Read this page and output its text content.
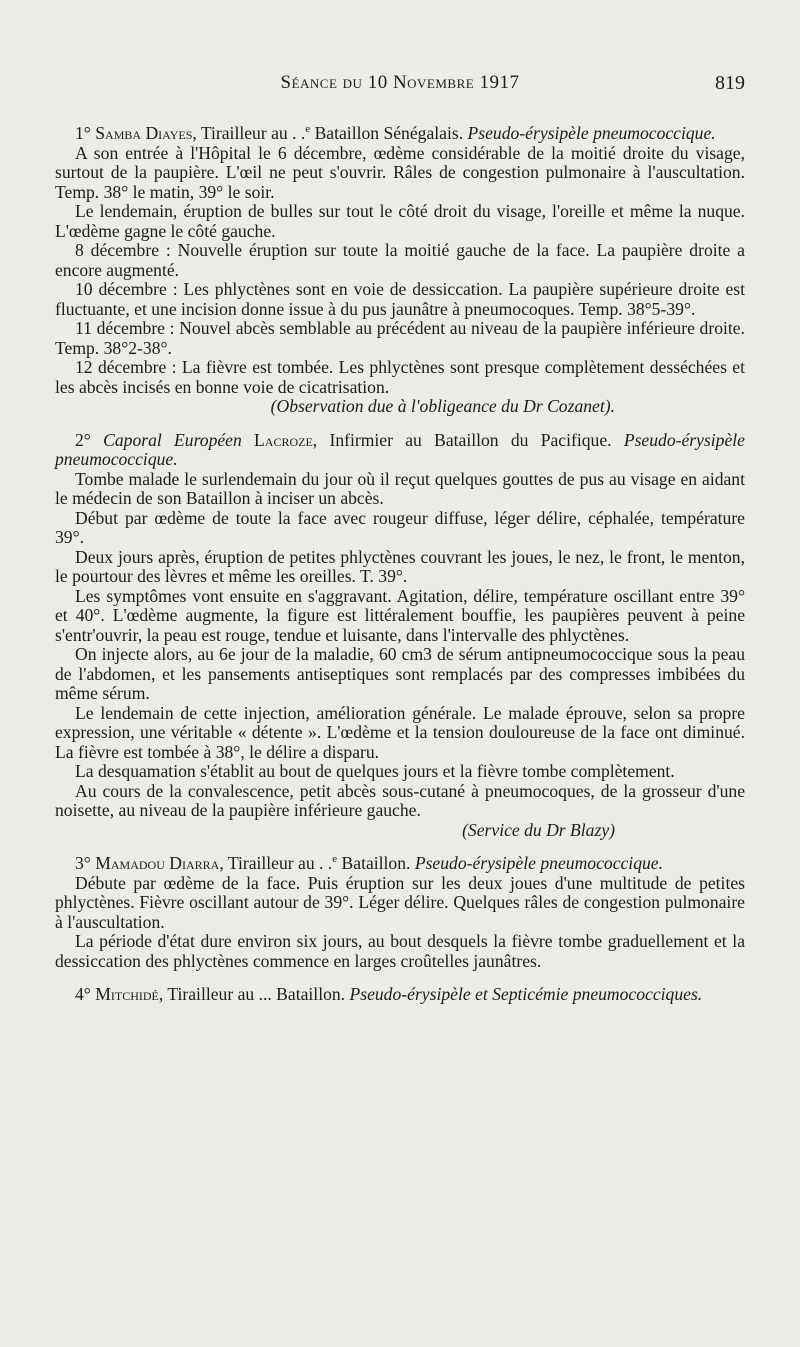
Séance du 10 Novembre 1917	819

1° Samba Diayes, Tirailleur au . .$^e$ Bataillon Sénégalais. Pseudo-érysipèle pneumococcique.

A son entrée à l'Hôpital le 6 décembre, œdème considérable de la moitié droite du visage, surtout de la paupière. L'œil ne peut s'ouvrir. Râles de congestion pulmonaire à l'auscultation. Temp. 38° le matin, 39° le soir.

Le lendemain, éruption de bulles sur tout le côté droit du visage, l'oreille et même la nuque. L'œdème gagne le côté gauche.

8 décembre : Nouvelle éruption sur toute la moitié gauche de la face. La paupière droite a encore augmenté.

10 décembre : Les phlyctènes sont en voie de dessiccation. La paupière supérieure droite est fluctuante, et une incision donne issue à du pus jaunâtre à pneumocoques. Temp. 38°5-39°.

11 décembre : Nouvel abcès semblable au précédent au niveau de la paupière inférieure droite. Temp. 38°2-38°.

12 décembre : La fièvre est tombée. Les phlyctènes sont presque complètement desséchées et les abcès incisés en bonne voie de cicatrisation.

(Observation due à l'obligeance du Dr Cozanet).

2° Caporal Européen Lacroze, Infirmier au Bataillon du Pacifique. Pseudo-érysipèle pneumococcique.

Tombe malade le surlendemain du jour où il reçut quelques gouttes de pus au visage en aidant le médecin de son Bataillon à inciser un abcès.

Début par œdème de toute la face avec rougeur diffuse, léger délire, céphalée, température 39°.

Deux jours après, éruption de petites phlyctènes couvrant les joues, le nez, le front, le menton, le pourtour des lèvres et même les oreilles. T. 39°.

Les symptômes vont ensuite en s'aggravant. Agitation, délire, température oscillant entre 39° et 40°. L'œdème augmente, la figure est littéralement bouffie, les paupières peuvent à peine s'entr'ouvrir, la peau est rouge, tendue et luisante, dans l'intervalle des phlyctènes.

On injecte alors, au 6e jour de la maladie, 60 cm3 de sérum antipneumococcique sous la peau de l'abdomen, et les pansements antiseptiques sont remplacés par des compresses imbibées du même sérum.

Le lendemain de cette injection, amélioration générale. Le malade éprouve, selon sa propre expression, une véritable « détente ». L'œdème et la tension douloureuse de la face ont diminué. La fièvre est tombée à 38°, le délire a disparu.

La desquamation s'établit au bout de quelques jours et la fièvre tombe complètement.

Au cours de la convalescence, petit abcès sous-cutané à pneumocoques, de la grosseur d'une noisette, au niveau de la paupière inférieure gauche.

(Service du Dr Blazy)

3° Mamadou Diarra, Tirailleur au . .$^e$ Bataillon. Pseudo-érysipèle pneumococcique.

Débute par œdème de la face. Puis éruption sur les deux joues d'une multitude de petites phlyctènes. Fièvre oscillant autour de 39°. Léger délire. Quelques râles de congestion pulmonaire à l'auscultation.

La période d'état dure environ six jours, au bout desquels la fièvre tombe graduellement et la dessiccation des phlyctènes commence en larges croûtelles jaunâtres.

4° Mitchidé, Tirailleur au ... Bataillon. Pseudo-érysipèle et Septicémie pneumococciques.
